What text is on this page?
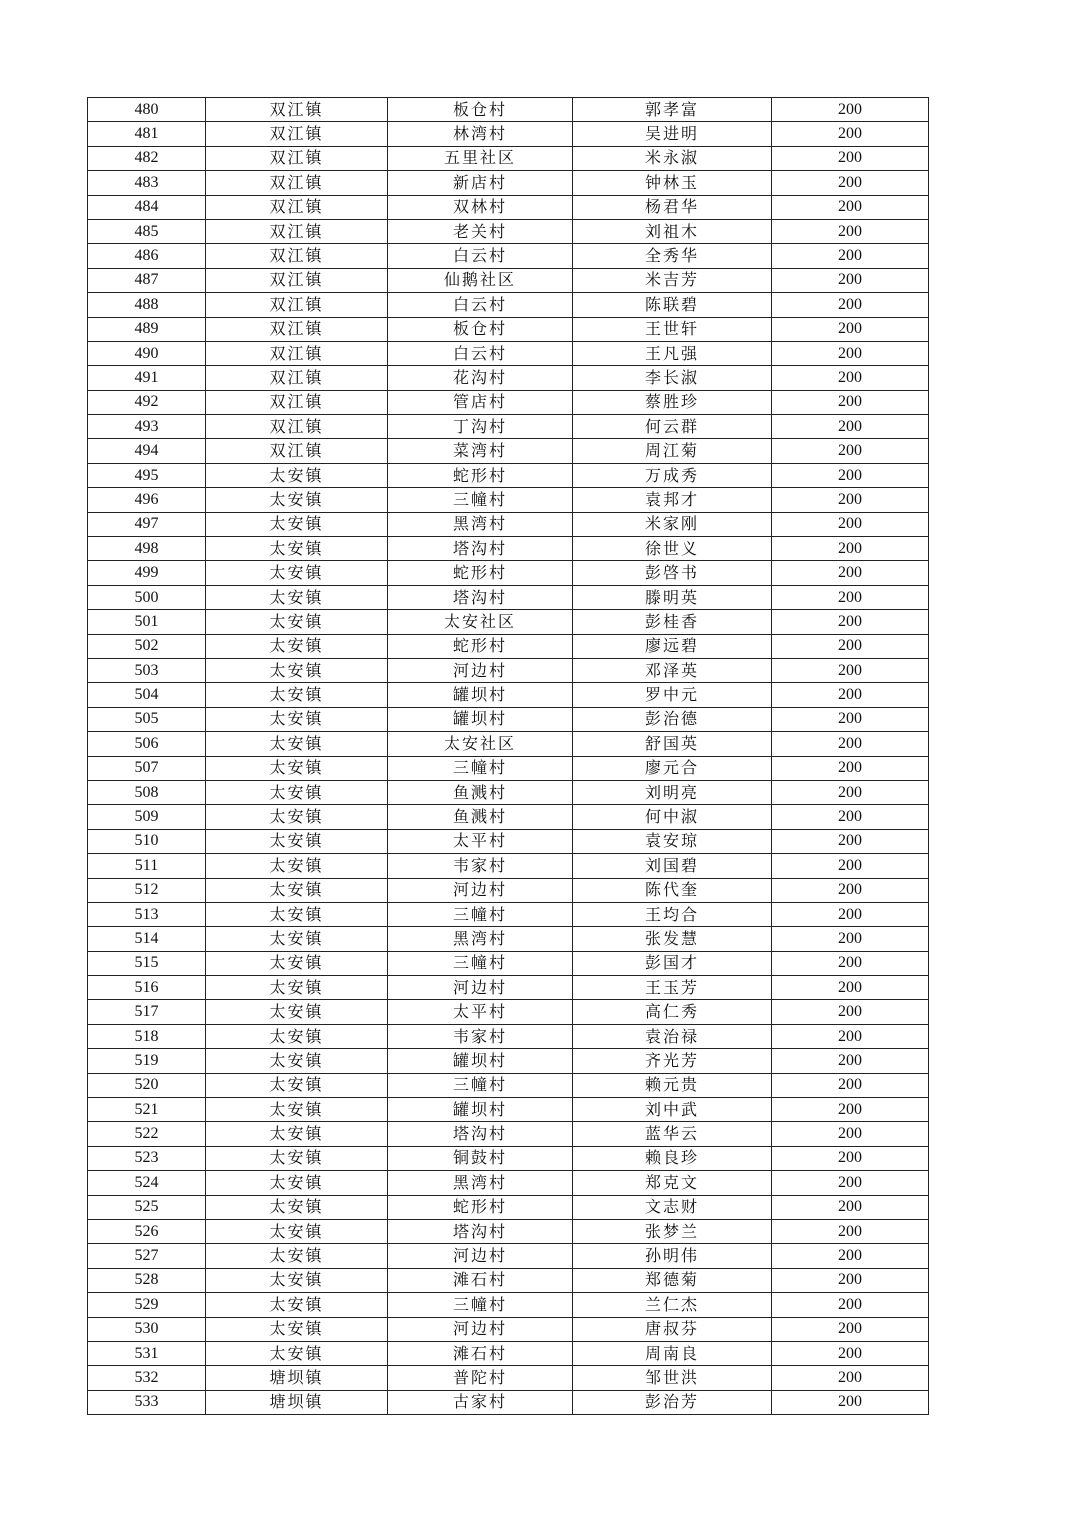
480	双江镇	板仓村	郭孝富	200
481	双江镇	林湾村	吴进明	200
482	双江镇	五里社区	米永淑	200
483	双江镇	新店村	钟林玉	200
484	双江镇	双林村	杨君华	200
485	双江镇	老关村	刘祖木	200
486	双江镇	白云村	全秀华	200
487	双江镇	仙鹅社区	米吉芳	200
488	双江镇	白云村	陈联碧	200
489	双江镇	板仓村	王世轩	200
490	双江镇	白云村	王凡强	200
491	双江镇	花沟村	李长淑	200
492	双江镇	管店村	蔡胜珍	200
493	双江镇	丁沟村	何云群	200
494	双江镇	菜湾村	周江菊	200
495	太安镇	蛇形村	万成秀	200
496	太安镇	三幢村	袁邦才	200
497	太安镇	黑湾村	米家刚	200
498	太安镇	塔沟村	徐世义	200
499	太安镇	蛇形村	彭啓书	200
500	太安镇	塔沟村	滕明英	200
501	太安镇	太安社区	彭桂香	200
502	太安镇	蛇形村	廖远碧	200
503	太安镇	河边村	邓泽英	200
504	太安镇	罐坝村	罗中元	200
505	太安镇	罐坝村	彭治德	200
506	太安镇	太安社区	舒国英	200
507	太安镇	三幢村	廖元合	200
508	太安镇	鱼溅村	刘明亮	200
509	太安镇	鱼溅村	何中淑	200
510	太安镇	太平村	袁安琼	200
511	太安镇	韦家村	刘国碧	200
512	太安镇	河边村	陈代奎	200
513	太安镇	三幢村	王均合	200
514	太安镇	黑湾村	张发慧	200
515	太安镇	三幢村	彭国才	200
516	太安镇	河边村	王玉芳	200
517	太安镇	太平村	高仁秀	200
518	太安镇	韦家村	袁治禄	200
519	太安镇	罐坝村	齐光芳	200
520	太安镇	三幢村	赖元贵	200
521	太安镇	罐坝村	刘中武	200
522	太安镇	塔沟村	蓝华云	200
523	太安镇	铜鼓村	赖良珍	200
524	太安镇	黑湾村	郑克文	200
525	太安镇	蛇形村	文志财	200
526	太安镇	塔沟村	张梦兰	200
527	太安镇	河边村	孙明伟	200
528	太安镇	滩石村	郑德菊	200
529	太安镇	三幢村	兰仁杰	200
530	太安镇	河边村	唐叔芬	200
531	太安镇	滩石村	周南良	200
532	塘坝镇	普陀村	邹世洪	200
533	塘坝镇	古家村	彭治芳	200
